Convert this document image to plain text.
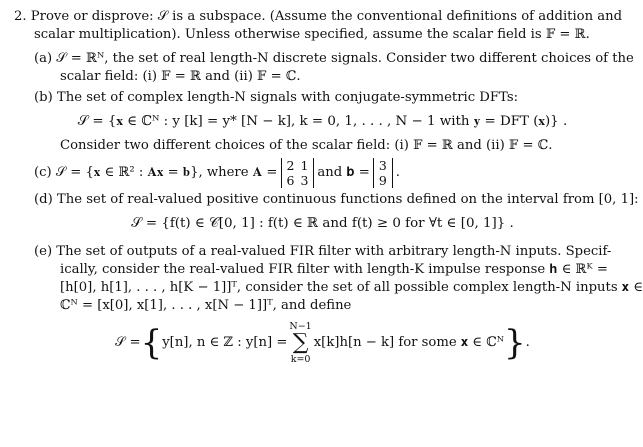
2. Prove or disprove: 𝒮 is a subspace. (Assume the conventional definitions of addition and
scalar multiplication). Unless otherwise specified, assume the scalar field is 𝔽 = ℝ.
(a) 𝒮 = ℝᴺ, the set of real length-N discrete signals. Consider two different choices of the
scalar field: (i) 𝔽 = ℝ and (ii) 𝔽 = ℂ.
(b) The set of complex length-N signals with conjugate-symmetric DFTs:
𝒮 = {𝐱 ∈ ℂᴺ : y [k] = y* [N − k], k = 0, 1, . . . , N − 1 with 𝐲 = DFT (𝐱)} .
Consider two different choices of the scalar field: (i) 𝔽 = ℝ and (ii) 𝔽 = ℂ.
(c) 𝒮 = {𝐱 ∈ ℝ² : 𝐀𝐱 = 𝐛}, where 𝐀 = 2 1
6 3
and 𝐛 = 3
9
.
(d) The set of real-valued positive continuous functions defined on the interval from [0, 1]:
𝒮 = {f(t) ∈ 𝒞[0, 1] : f(t) ∈ ℝ and f(t) ≥ 0 for ∀t ∈ [0, 1]} .
(e) The set of outputs of a real-valued FIR filter with arbitrary length-N inputs. Specif-
ically, consider the real-valued FIR filter with length-K impulse response 𝐡 ∈ ℝᴷ =
[h[0], h[1], . . . , h[K − 1]]ᵀ, consider the set of all possible complex length-N inputs 𝐱 ∈
ℂᴺ = [x[0], x[1], . . . , x[N − 1]]ᵀ, and define
𝒮 = { y[n], n ∈ ℤ : y[n] =
N−1
∑
k=0
x[k]h[n − k] for some 𝐱 ∈ ℂᴺ } .
